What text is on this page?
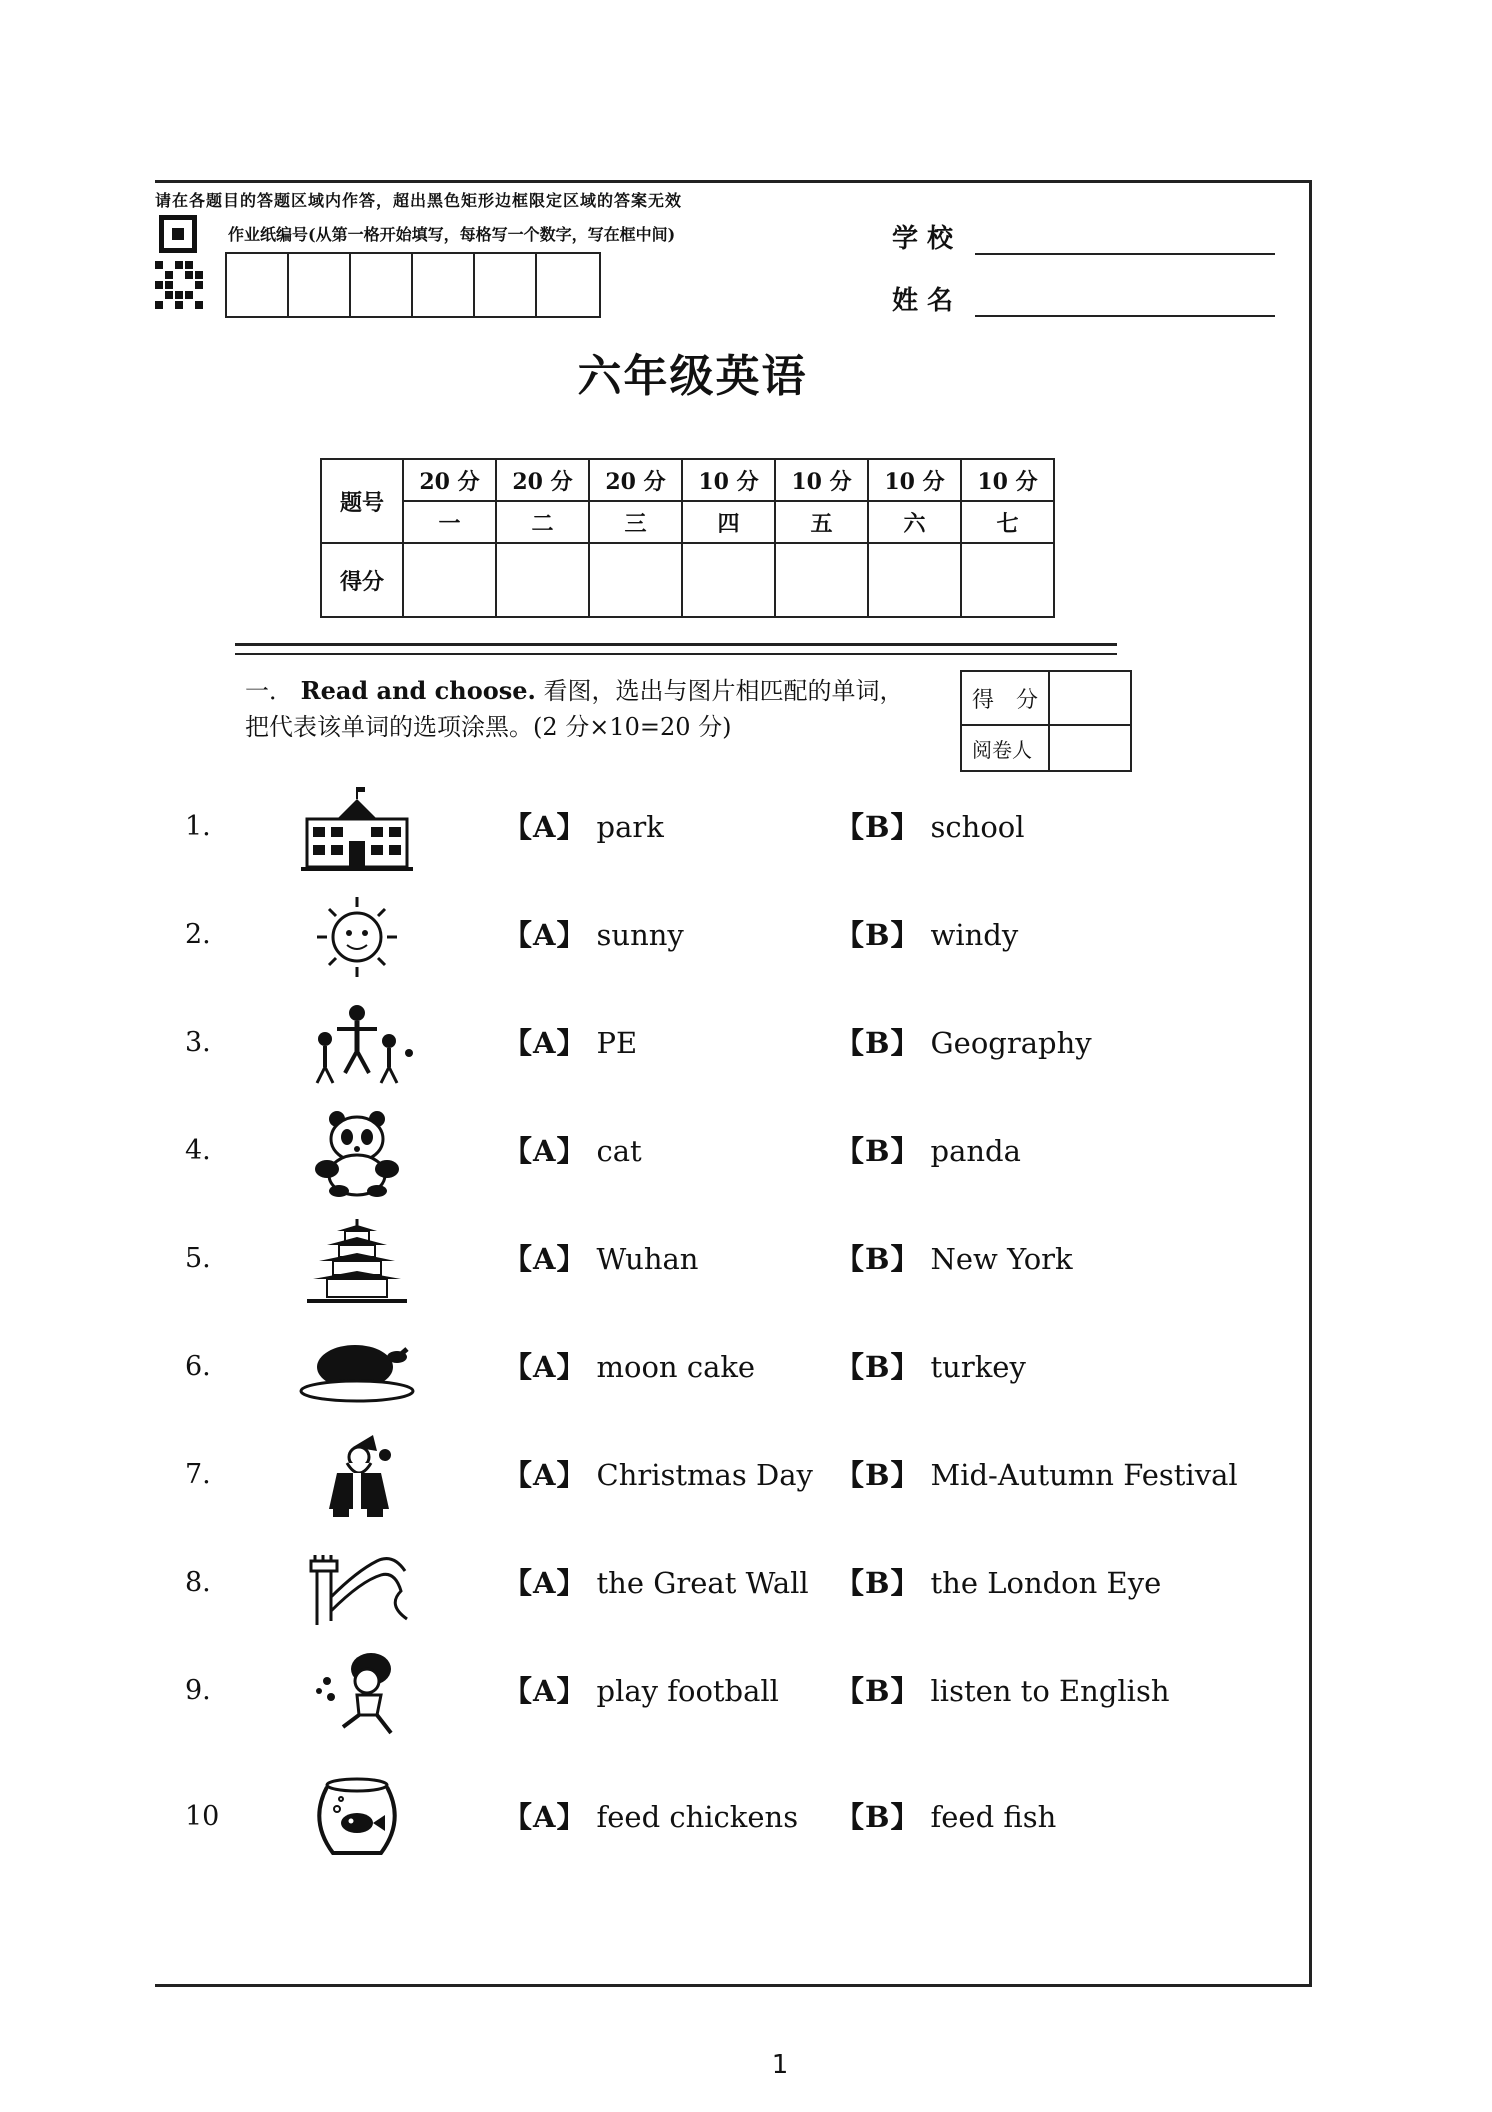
请在各题目的答题区域内作答，超出黑色矩形边框限定区域的答案无效
作业纸编号(从第一格开始填写，每格写一个数字，写在框中间)	学 校
姓 名
六年级英语
题号	20 分	20 分	20 分	10 分	10 分	10 分	10 分
	一	二	三	四	五	六	七
得分							
一． Read and choose. 看图，选出与图片相匹配的单词，
把代表该单词的选项涂黑。(2 分×10=20 分)
得　分	
阅卷人	
1.	【A】 park	【B】 school
2.	【A】 sunny	【B】 windy
3.	【A】 PE	【B】 Geography
4.	【A】 cat	【B】 panda
5.	【A】 Wuhan	【B】 New York
6.	【A】 moon cake	【B】 turkey
7.	【A】 Christmas Day 【B】 Mid-Autumn Festival
8.	【A】 the Great Wall 【B】 the London Eye
9.	【A】 play football 【B】 listen to English
10	【A】 feed chickens 【B】 feed fish
1
